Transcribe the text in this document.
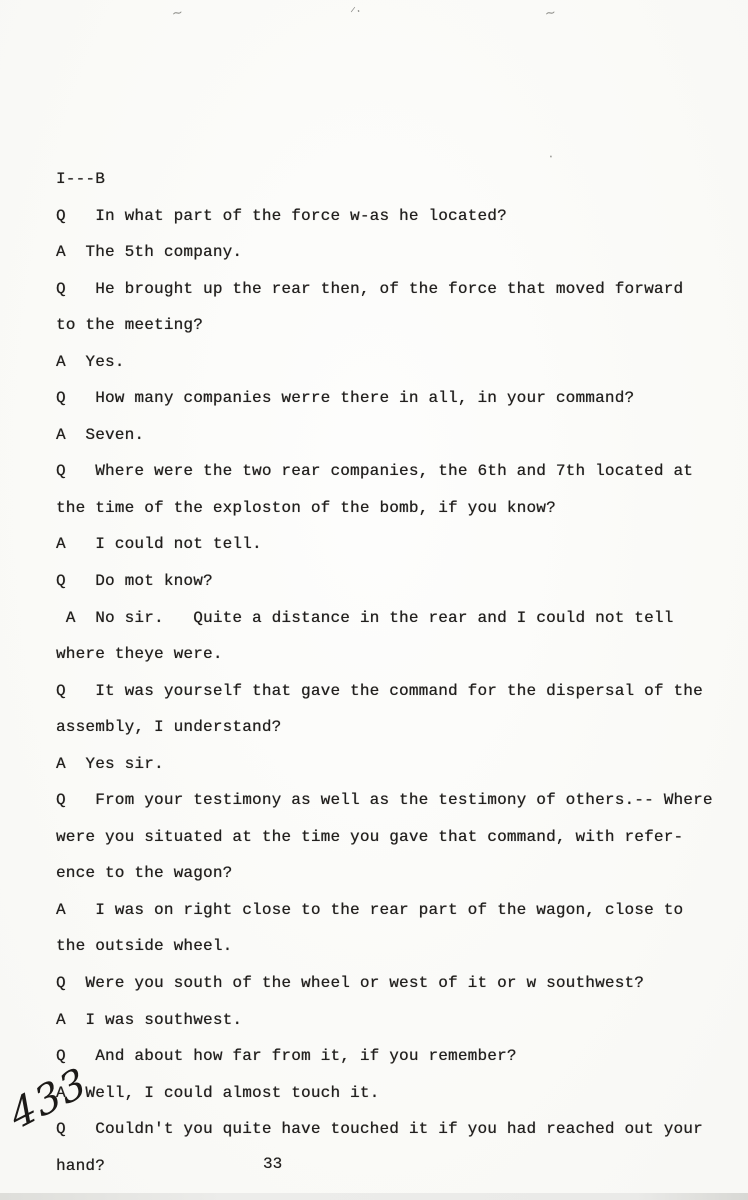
I---B
Q   In what part of the force w-as he located?
A  The 5th company.
Q   He brought up the rear then, of the force that moved forward
to the meeting?
A  Yes.
Q   How many companies werre there in all, in your command?
A  Seven.
Q   Where were the two rear companies, the 6th and 7th located at
the time of the exploston of the bomb, if you know?
A   I could not tell.
Q   Do mot know?
A  No sir.   Quite a distance in the rear and I could not tell
where theye were.
Q   It was yourself that gave the command for the dispersal of the
assembly, I understand?
A  Yes sir.
Q   From your testimony as well as the testimony of others.-- Where
were you situated at the time you gave that command, with refer-
ence to the wagon?
A   I was on right close to the rear part of the wagon, close to
the outside wheel.
Q  Were you south of the wheel or west of it or w southwest?
A  I was southwest.
Q   And about how far from it, if you remember?
A  Well, I could almost touch it.
Q   Couldn't you quite have touched it if you had reached out your
hand?	33
433
~	⸍·	~
·
